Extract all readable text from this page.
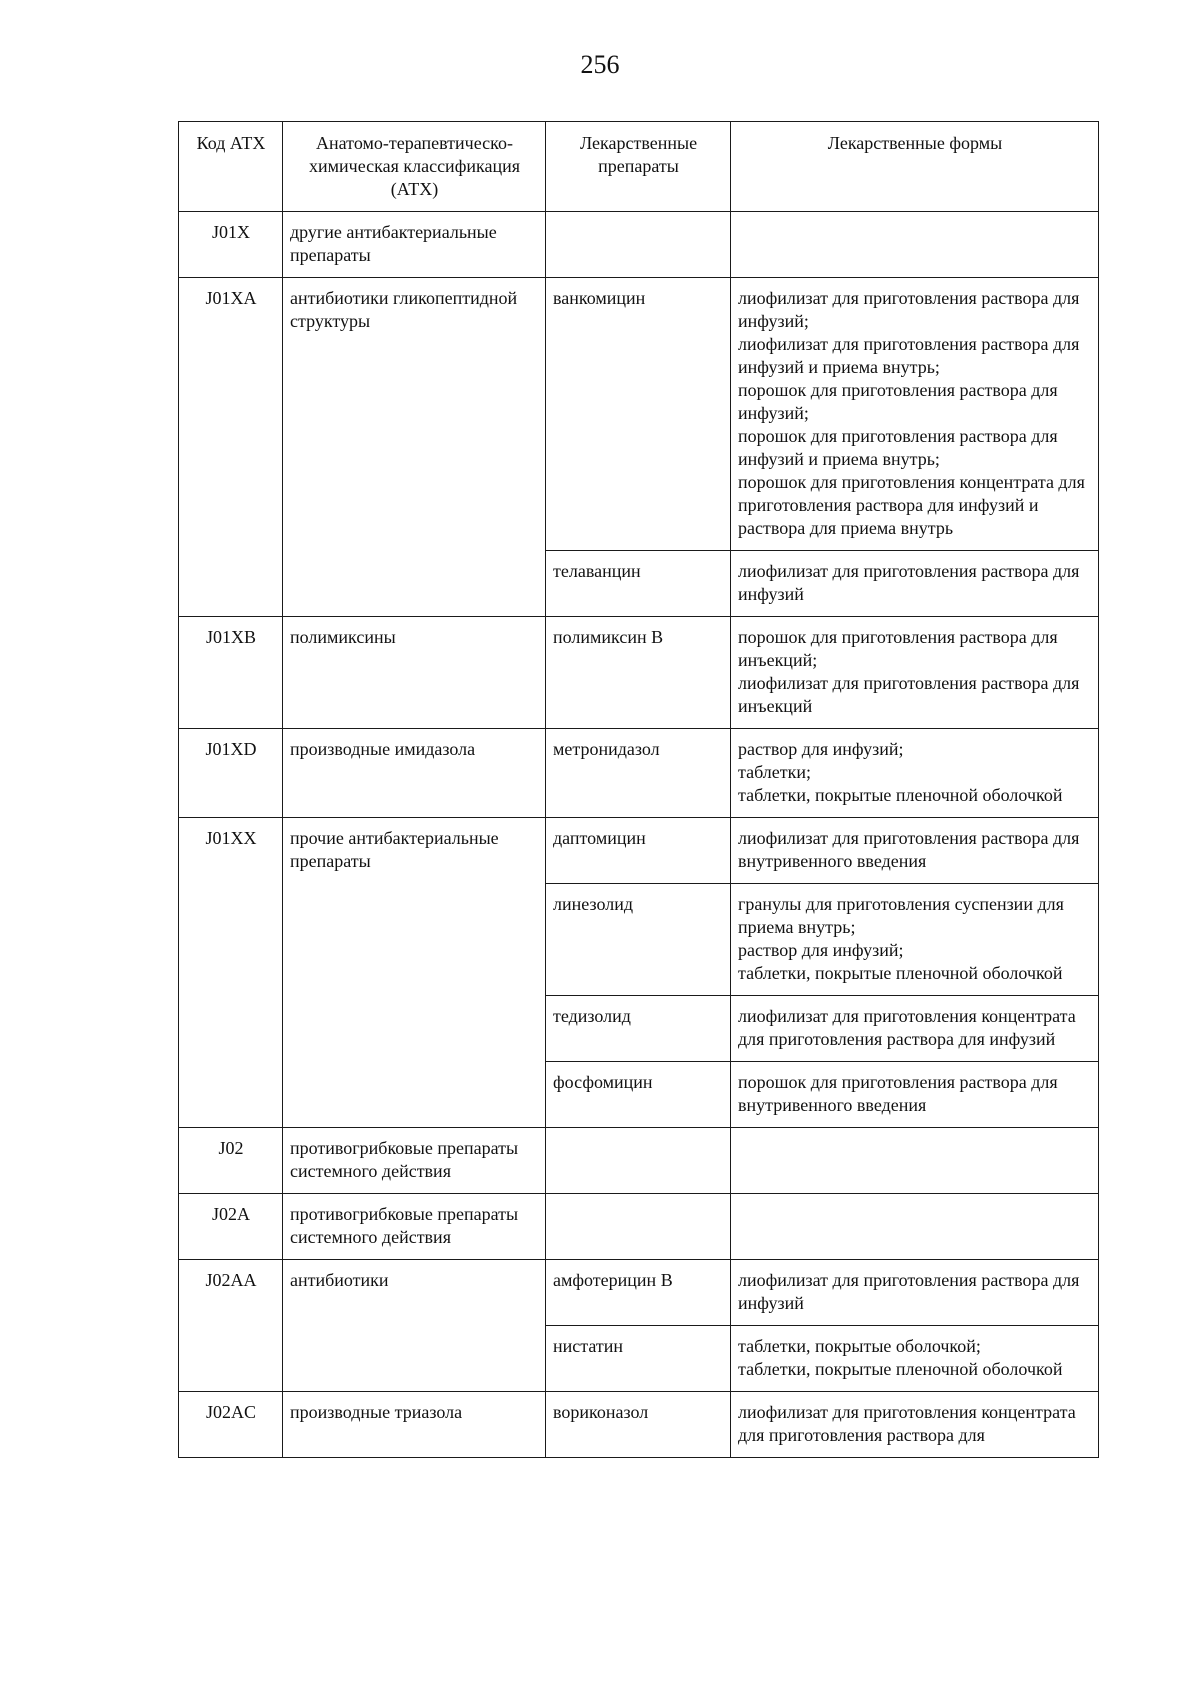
256
Код АТХ	Анатомо-терапевтическо-химическая классификация (АТХ)	Лекарственные препараты	Лекарственные формы
J01X	другие антибактериальные препараты		
J01XA	антибиотики гликопептидной структуры	ванкомицин	лиофилизат для приготовления раствора для инфузий;
лиофилизат для приготовления раствора для инфузий и приема внутрь;
порошок для приготовления раствора для инфузий;
порошок для приготовления раствора для инфузий и приема внутрь;
порошок для приготовления концентрата для приготовления раствора для инфузий и раствора для приема внутрь

		телаванцин	лиофилизат для приготовления раствора для инфузий

J01XB	полимиксины	полимиксин В	порошок для приготовления раствора для инъекций;
лиофилизат для приготовления раствора для инъекций

J01XD	производные имидазола	метронидазол	раствор для инфузий;
таблетки;
таблетки, покрытые пленочной оболочкой

J01XX	прочие антибактериальные препараты	даптомицин	лиофилизат для приготовления раствора для внутривенного введения

		линезолид	гранулы для приготовления суспензии для приема внутрь;
раствор для инфузий;
таблетки, покрытые пленочной оболочкой

		тедизолид	лиофилизат для приготовления концентрата для приготовления раствора для инфузий

		фосфомицин	порошок для приготовления раствора для внутривенного введения

J02	противогрибковые препараты системного действия		
J02A	противогрибковые препараты системного действия		
J02AA	антибиотики	амфотерицин В	лиофилизат для приготовления раствора для инфузий

		нистатин	таблетки, покрытые оболочкой;
таблетки, покрытые пленочной оболочкой

J02AC	производные триазола	вориконазол	лиофилизат для приготовления концентрата для приготовления раствора для
